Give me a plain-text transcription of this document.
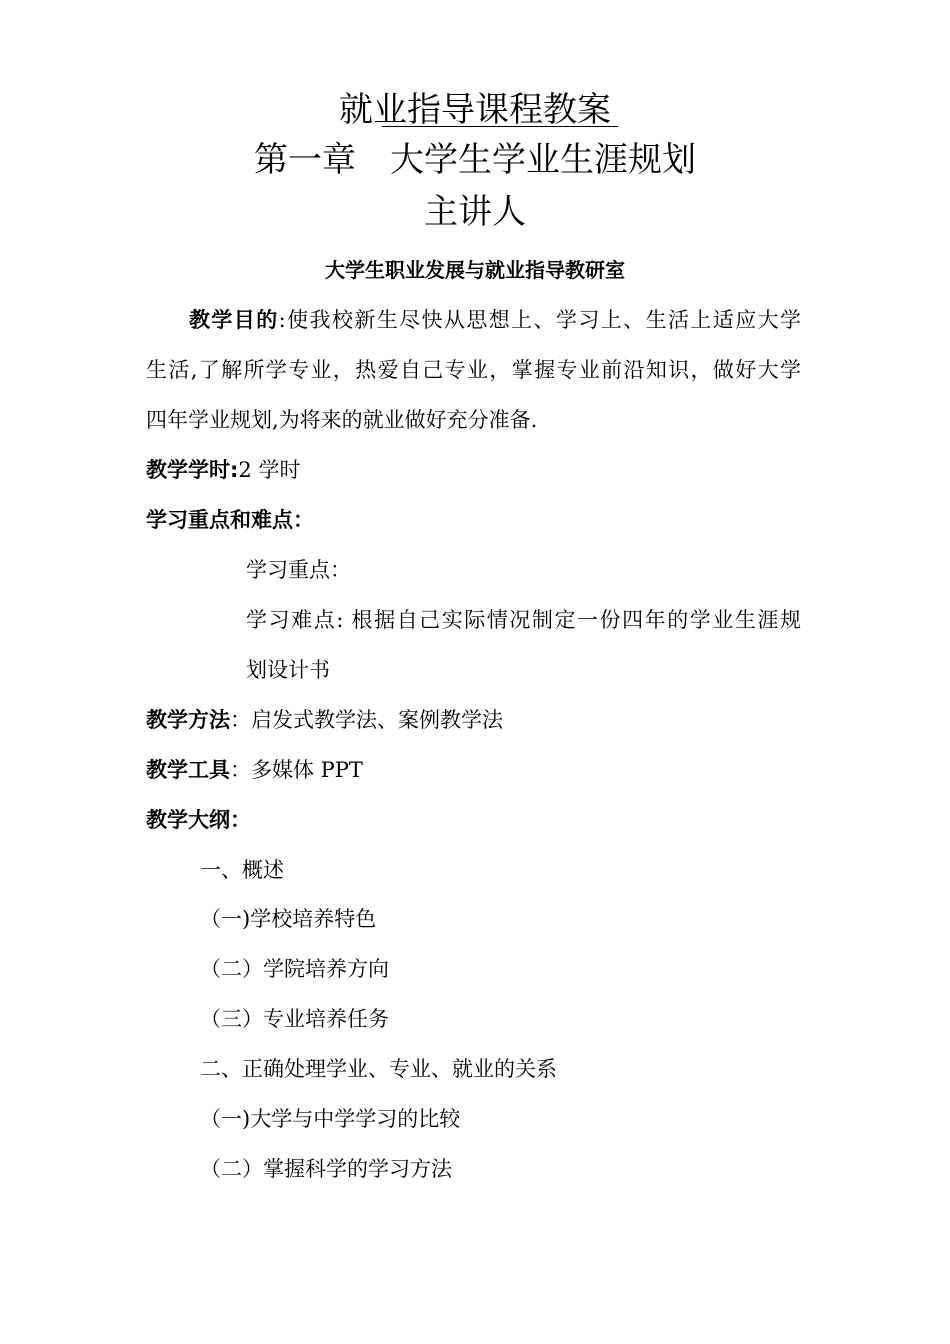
就业指导课程教案
第一章　大学生学业生涯规划
主讲人
大学生职业发展与就业指导教研室
教学目的:使我校新生尽快从思想上、学习上、生活上适应大学
生活,了解所学专业，热爱自己专业，掌握专业前沿知识，做好大学
四年学业规划,为将来的就业做好充分准备.
教学学时:2 学时
学习重点和难点：
学习重点：
学习难点: 根据自己实际情况制定一份四年的学业生涯规
划设计书
教学方法：启发式教学法、案例教学法
教学工具：多媒体 PPT
教学大纲：
一、概述
（一)学校培养特色
（二）学院培养方向
（三）专业培养任务
二、正确处理学业、专业、就业的关系
（一)大学与中学学习的比较
（二）掌握科学的学习方法
